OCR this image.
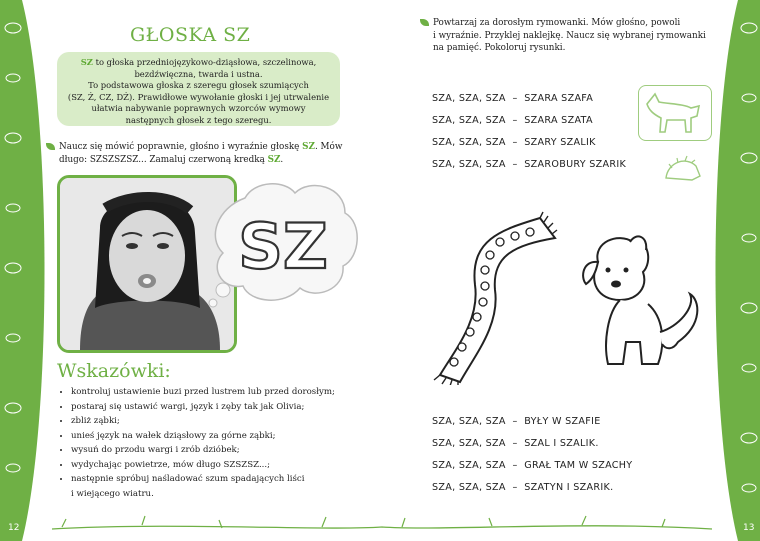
GŁOSKA SZ
SZ to głoska przedniojęzykowo-dziąsłowa, szczelinowa,
bezdźwięczna, twarda i ustna.
To podstawowa głoska z szeregu głosek szumiących
(SZ, Ż, CZ, DŻ). Prawidłowe wywołanie głoski i jej utrwalenie
ułatwia nabywanie poprawnych wzorców wymowy
następnych głosek z tego szeregu.
Naucz się mówić poprawnie, głośno i wyraźnie głoskę SZ. Mów
długo: SZSZSZSZ... Zamaluj czerwoną kredką SZ.
SZ
Wskazówki:
• kontroluj ustawienie buzi przed lustrem lub przed dorosłym;
• postaraj się ustawić wargi, język i zęby tak jak Olivia;
• zbliż ząbki;
• unieś język na wałek dziąsłowy za górne ząbki;
• wysuń do przodu wargi i zrób dzióbek;
• wydychając powietrze, mów długo SZSZSZ...;
• następnie spróbuj naśladować szum spadających liści
i wiejącego wiatru.
Powtarzaj za dorosłym rymowanki. Mów głośno, powoli
i wyraźnie. Przyklej naklejkę. Naucz się wybranej rymowanki
na pamięć. Pokoloruj rysunki.
SZA, SZA, SZA  –  SZARA SZAFA
SZA, SZA, SZA  –  SZARA SZATA
SZA, SZA, SZA  –  SZARY SZALIK
SZA, SZA, SZA  –  SZAROBURY SZARIK
SZA, SZA, SZA  –  BYŁY W SZAFIE
SZA, SZA, SZA  –  SZAL I SZALIK.
SZA, SZA, SZA  –  GRAŁ TAM W SZACHY
SZA, SZA, SZA  –  SZATYN I SZARIK.
12	13
